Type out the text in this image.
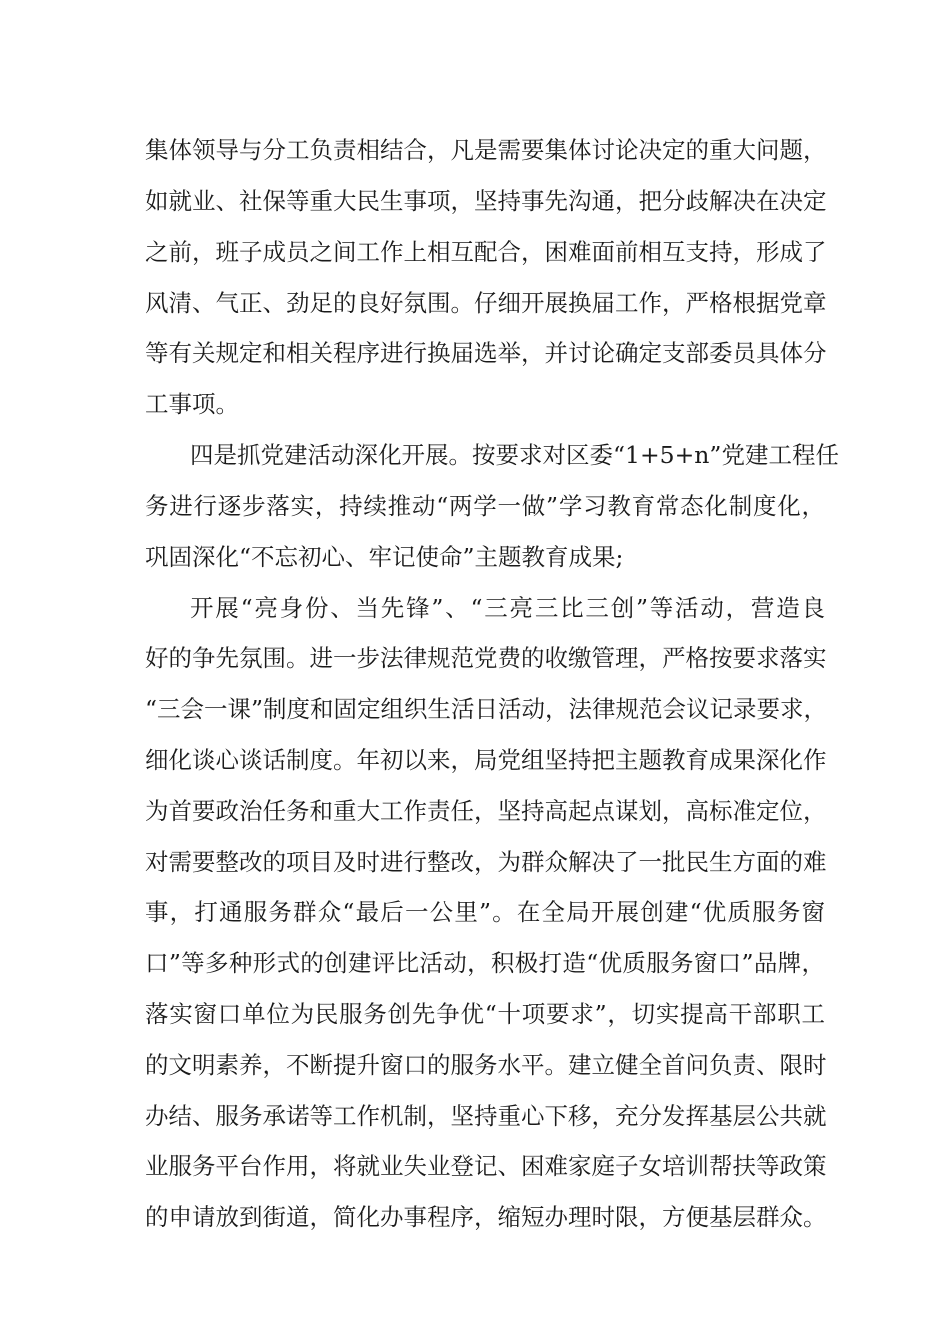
集体领导与分工负责相结合，凡是需要集体讨论决定的重大问题，
如就业、社保等重大民生事项，坚持事先沟通，把分歧解决在决定
之前，班子成员之间工作上相互配合，困难面前相互支持，形成了
风清、气正、劲足的良好氛围。仔细开展换届工作，严格根据党章
等有关规定和相关程序进行换届选举，并讨论确定支部委员具体分
工事项。
四是抓党建活动深化开展。按要求对区委“1+5+n”党建工程任
务进行逐步落实，持续推动“两学一做”学习教育常态化制度化，
巩固深化“不忘初心、牢记使命”主题教育成果;
开展“亮身份、当先锋”、“三亮三比三创”等活动，营造良
好的争先氛围。进一步法律规范党费的收缴管理，严格按要求落实
“三会一课”制度和固定组织生活日活动，法律规范会议记录要求，
细化谈心谈话制度。年初以来，局党组坚持把主题教育成果深化作
为首要政治任务和重大工作责任，坚持高起点谋划，高标准定位，
对需要整改的项目及时进行整改，为群众解决了一批民生方面的难
事，打通服务群众“最后一公里”。在全局开展创建“优质服务窗
口”等多种形式的创建评比活动，积极打造“优质服务窗口”品牌，
落实窗口单位为民服务创先争优“十项要求”，切实提高干部职工
的文明素养，不断提升窗口的服务水平。建立健全首问负责、限时
办结、服务承诺等工作机制，坚持重心下移，充分发挥基层公共就
业服务平台作用，将就业失业登记、困难家庭子女培训帮扶等政策
的申请放到街道，简化办事程序，缩短办理时限，方便基层群众。
